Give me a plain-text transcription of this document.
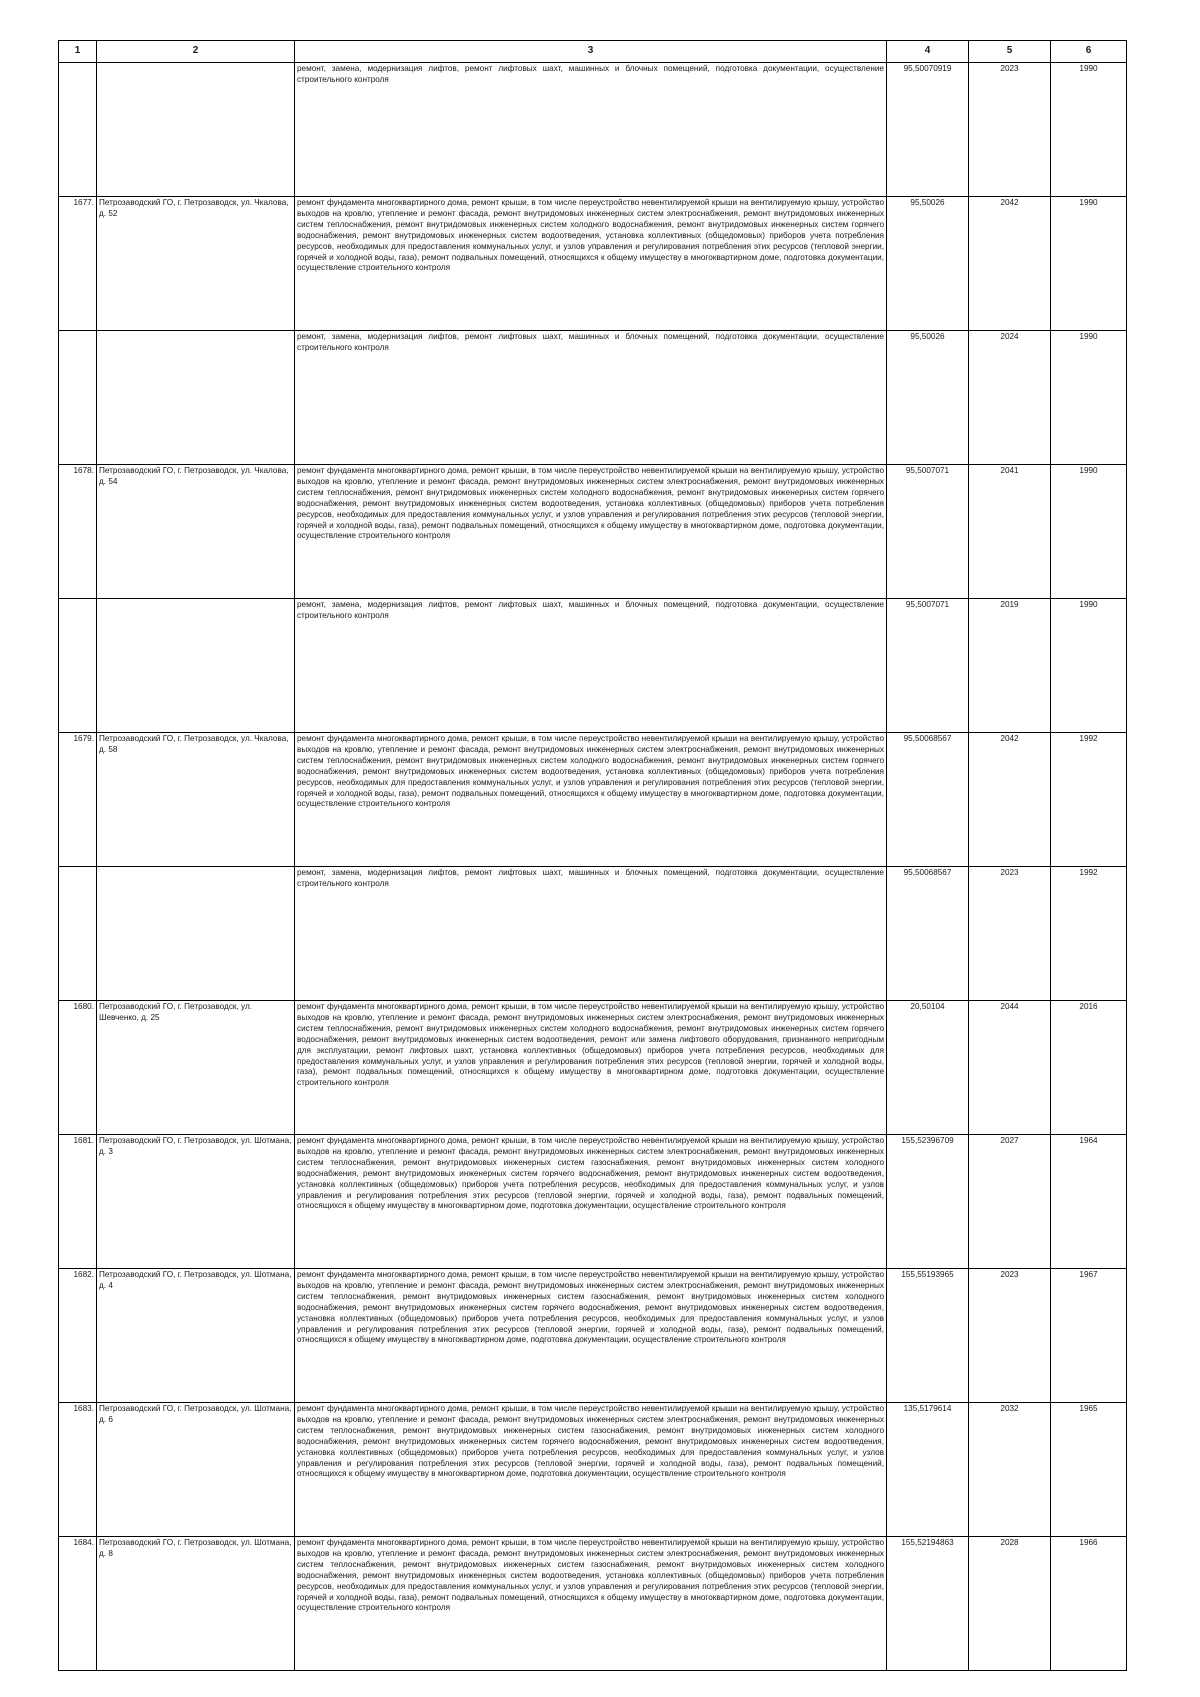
1	2	3	4	5	6
		ремонт, замена, модернизация лифтов, ремонт лифтовых шахт, машинных и блочных помещений, подготовка документации, осуществление строительного контроля	95,50070919	2023	1990
1677.	Петрозаводский ГО, г. Петрозаводск, ул. Чкалова, д. 52	ремонт фундамента многоквартирного дома, ремонт крыши, в том числе переустройство невентилируемой крыши на вентилируемую крышу, устройство выходов на кровлю, утепление и ремонт фасада, ремонт внутридомовых инженерных систем электроснабжения, ремонт внутридомовых инженерных систем теплоснабжения, ремонт внутридомовых инженерных систем холодного водоснабжения, ремонт внутридомовых инженерных систем горячего водоснабжения, ремонт внутридомовых инженерных систем водоотведения, установка коллективных (общедомовых) приборов учета потребления ресурсов, необходимых для предоставления коммунальных услуг, и узлов управления и регулирования потребления этих ресурсов (тепловой энергии, горячей и холодной воды, газа), ремонт подвальных помещений, относящихся к общему имуществу в многоквартирном доме, подготовка документации, осуществление строительного контроля	95,50026	2042	1990
		ремонт, замена, модернизация лифтов, ремонт лифтовых шахт, машинных и блочных помещений, подготовка документации, осуществление строительного контроля	95,50026	2024	1990
1678.	Петрозаводский ГО, г. Петрозаводск, ул. Чкалова, д. 54	ремонт фундамента многоквартирного дома, ремонт крыши, в том числе переустройство невентилируемой крыши на вентилируемую крышу, устройство выходов на кровлю, утепление и ремонт фасада, ремонт внутридомовых инженерных систем электроснабжения, ремонт внутридомовых инженерных систем теплоснабжения, ремонт внутридомовых инженерных систем холодного водоснабжения, ремонт внутридомовых инженерных систем горячего водоснабжения, ремонт внутридомовых инженерных систем водоотведения, установка коллективных (общедомовых) приборов учета потребления ресурсов, необходимых для предоставления коммунальных услуг, и узлов управления и регулирования потребления этих ресурсов (тепловой энергии, горячей и холодной воды, газа), ремонт подвальных помещений, относящихся к общему имуществу в многоквартирном доме, подготовка документации, осуществление строительного контроля	95,5007071	2041	1990
		ремонт, замена, модернизация лифтов, ремонт лифтовых шахт, машинных и блочных помещений, подготовка документации, осуществление строительного контроля	95,5007071	2019	1990
1679.	Петрозаводский ГО, г. Петрозаводск, ул. Чкалова, д. 58	ремонт фундамента многоквартирного дома, ремонт крыши, в том числе переустройство невентилируемой крыши на вентилируемую крышу, устройство выходов на кровлю, утепление и ремонт фасада, ремонт внутридомовых инженерных систем электроснабжения, ремонт внутридомовых инженерных систем теплоснабжения, ремонт внутридомовых инженерных систем холодного водоснабжения, ремонт внутридомовых инженерных систем горячего водоснабжения, ремонт внутридомовых инженерных систем водоотведения, установка коллективных (общедомовых) приборов учета потребления ресурсов, необходимых для предоставления коммунальных услуг, и узлов управления и регулирования потребления этих ресурсов (тепловой энергии, горячей и холодной воды, газа), ремонт подвальных помещений, относящихся к общему имуществу в многоквартирном доме, подготовка документации, осуществление строительного контроля	95,50068567	2042	1992
		ремонт, замена, модернизация лифтов, ремонт лифтовых шахт, машинных и блочных помещений, подготовка документации, осуществление строительного контроля	95,50068567	2023	1992
1680.	Петрозаводский ГО, г. Петрозаводск, ул. Шевченко, д. 25	ремонт фундамента многоквартирного дома, ремонт крыши, в том числе переустройство невентилируемой крыши на вентилируемую крышу, устройство выходов на кровлю, утепление и ремонт фасада, ремонт внутридомовых инженерных систем электроснабжения, ремонт внутридомовых инженерных систем теплоснабжения, ремонт внутридомовых инженерных систем холодного водоснабжения, ремонт внутридомовых инженерных систем горячего водоснабжения, ремонт внутридомовых инженерных систем водоотведения, ремонт или замена лифтового оборудования, признанного непригодным для эксплуатации, ремонт лифтовых шахт, установка коллективных (общедомовых) приборов учета потребления ресурсов, необходимых для предоставления коммунальных услуг, и узлов управления и регулирования потребления этих ресурсов (тепловой энергии, горячей и холодной воды, газа), ремонт подвальных помещений, относящихся к общему имуществу в многоквартирном доме, подготовка документации, осуществление строительного контроля	20,50104	2044	2016
1681.	Петрозаводский ГО, г. Петрозаводск, ул. Шотмана, д. 3	ремонт фундамента многоквартирного дома, ремонт крыши, в том числе переустройство невентилируемой крыши на вентилируемую крышу, устройство выходов на кровлю, утепление и ремонт фасада, ремонт внутридомовых инженерных систем электроснабжения, ремонт внутридомовых инженерных систем теплоснабжения, ремонт внутридомовых инженерных систем газоснабжения, ремонт внутридомовых инженерных систем холодного водоснабжения, ремонт внутридомовых инженерных систем горячего водоснабжения, ремонт внутридомовых инженерных систем водоотведения, установка коллективных (общедомовых) приборов учета потребления ресурсов, необходимых для предоставления коммунальных услуг, и узлов управления и регулирования потребления этих ресурсов (тепловой энергии, горячей и холодной воды, газа), ремонт подвальных помещений, относящихся к общему имуществу в многоквартирном доме, подготовка документации, осуществление строительного контроля	155,52396709	2027	1964
1682.	Петрозаводский ГО, г. Петрозаводск, ул. Шотмана, д. 4	ремонт фундамента многоквартирного дома, ремонт крыши, в том числе переустройство невентилируемой крыши на вентилируемую крышу, устройство выходов на кровлю, утепление и ремонт фасада, ремонт внутридомовых инженерных систем электроснабжения, ремонт внутридомовых инженерных систем теплоснабжения, ремонт внутридомовых инженерных систем газоснабжения, ремонт внутридомовых инженерных систем холодного водоснабжения, ремонт внутридомовых инженерных систем горячего водоснабжения, ремонт внутридомовых инженерных систем водоотведения, установка коллективных (общедомовых) приборов учета потребления ресурсов, необходимых для предоставления коммунальных услуг, и узлов управления и регулирования потребления этих ресурсов (тепловой энергии, горячей и холодной воды, газа), ремонт подвальных помещений, относящихся к общему имуществу в многоквартирном доме, подготовка документации, осуществление строительного контроля	155,55193965	2023	1967
1683.	Петрозаводский ГО, г. Петрозаводск, ул. Шотмана, д. 6	ремонт фундамента многоквартирного дома, ремонт крыши, в том числе переустройство невентилируемой крыши на вентилируемую крышу, устройство выходов на кровлю, утепление и ремонт фасада, ремонт внутридомовых инженерных систем электроснабжения, ремонт внутридомовых инженерных систем теплоснабжения, ремонт внутридомовых инженерных систем газоснабжения, ремонт внутридомовых инженерных систем холодного водоснабжения, ремонт внутридомовых инженерных систем горячего водоснабжения, ремонт внутридомовых инженерных систем водоотведения, установка коллективных (общедомовых) приборов учета потребления ресурсов, необходимых для предоставления коммунальных услуг, и узлов управления и регулирования потребления этих ресурсов (тепловой энергии, горячей и холодной воды, газа), ремонт подвальных помещений, относящихся к общему имуществу в многоквартирном доме, подготовка документации, осуществление строительного контроля	135,5179614	2032	1965
1684.	Петрозаводский ГО, г. Петрозаводск, ул. Шотмана, д. 8	ремонт фундамента многоквартирного дома, ремонт крыши, в том числе переустройство невентилируемой крыши на вентилируемую крышу, устройство выходов на кровлю, утепление и ремонт фасада, ремонт внутридомовых инженерных систем электроснабжения, ремонт внутридомовых инженерных систем теплоснабжения, ремонт внутридомовых инженерных систем газоснабжения, ремонт внутридомовых инженерных систем холодного водоснабжения, ремонт внутридомовых инженерных систем водоотведения, установка коллективных (общедомовых) приборов учета потребления ресурсов, необходимых для предоставления коммунальных услуг, и узлов управления и регулирования потребления этих ресурсов (тепловой энергии, горячей и холодной воды, газа), ремонт подвальных помещений, относящихся к общему имуществу в многоквартирном доме, подготовка документации, осуществление строительного контроля	155,52194863	2028	1966
